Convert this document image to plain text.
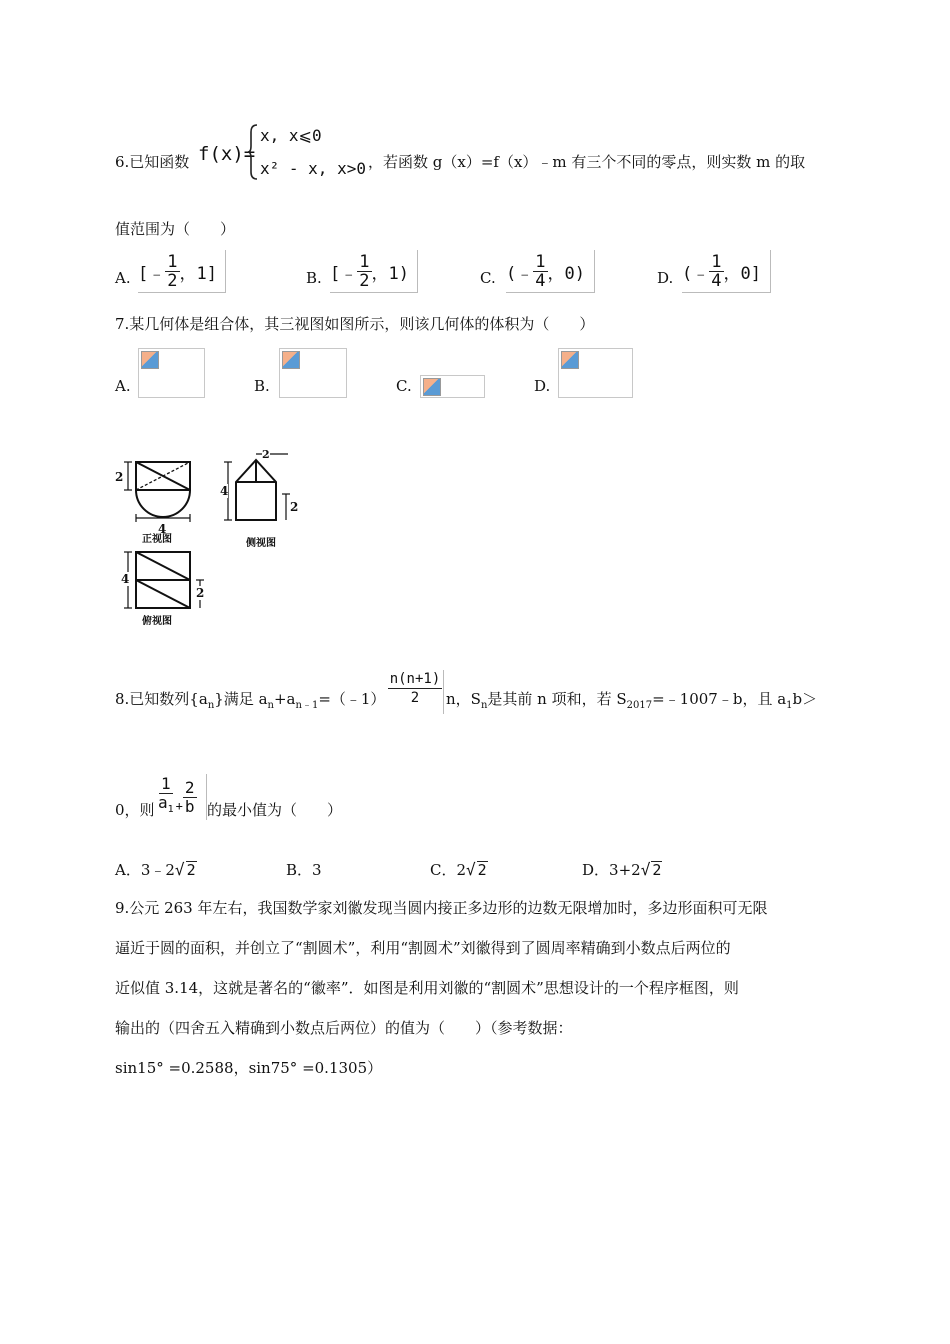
6.已知函数 f(x)=
x, x⩽0
x² - x, x>0 ，若函数 g（x）=f（x）﹣m 有三个不同的零点，则实数 m 的取
值范围为（　　）
A. [﹣ $\frac{1}{2}$ ，1]	B. [﹣ $\frac{1}{2}$ ，1)	C. (﹣ $\frac{1}{4}$ ，0)	D. (﹣ $\frac{1}{4}$ ，0]
7.某几何体是组合体，其三视图如图所示，则该几何体的体积为（　　）
A.	B.	C.	D.
2
4
正视图
2
4
2
侧视图
4
2
俯视图
8.已知数列$\{a_n\}$满足 $a_n+a_{n﹣1}=(﹣1) \frac{n(n+1)}{2}$ n，$S_n$是其前 n 项和，若 $S_{2017}=﹣1007﹣b$，且 $a_1b>$
0，则 $\frac{1}{a_1} + \frac{2}{b}$ 的最小值为（　　）
A．3﹣2√ 2	B．3	C．2√ 2	D．3+2√ 2
9.公元 263 年左右，我国数学家刘徽发现当圆内接正多边形的边数无限增加时，多边形面积可无限
逼近于圆的面积，并创立了“割圆术”，利用“割圆术”刘徽得到了圆周率精确到小数点后两位的
近似值 3.14，这就是著名的“徽率”．如图是利用刘徽的“割圆术”思想设计的一个程序框图，则
输出的（四舍五入精确到小数点后两位）的值为（　　）（参考数据：
sin15° =0.2588，sin75° =0.1305）
